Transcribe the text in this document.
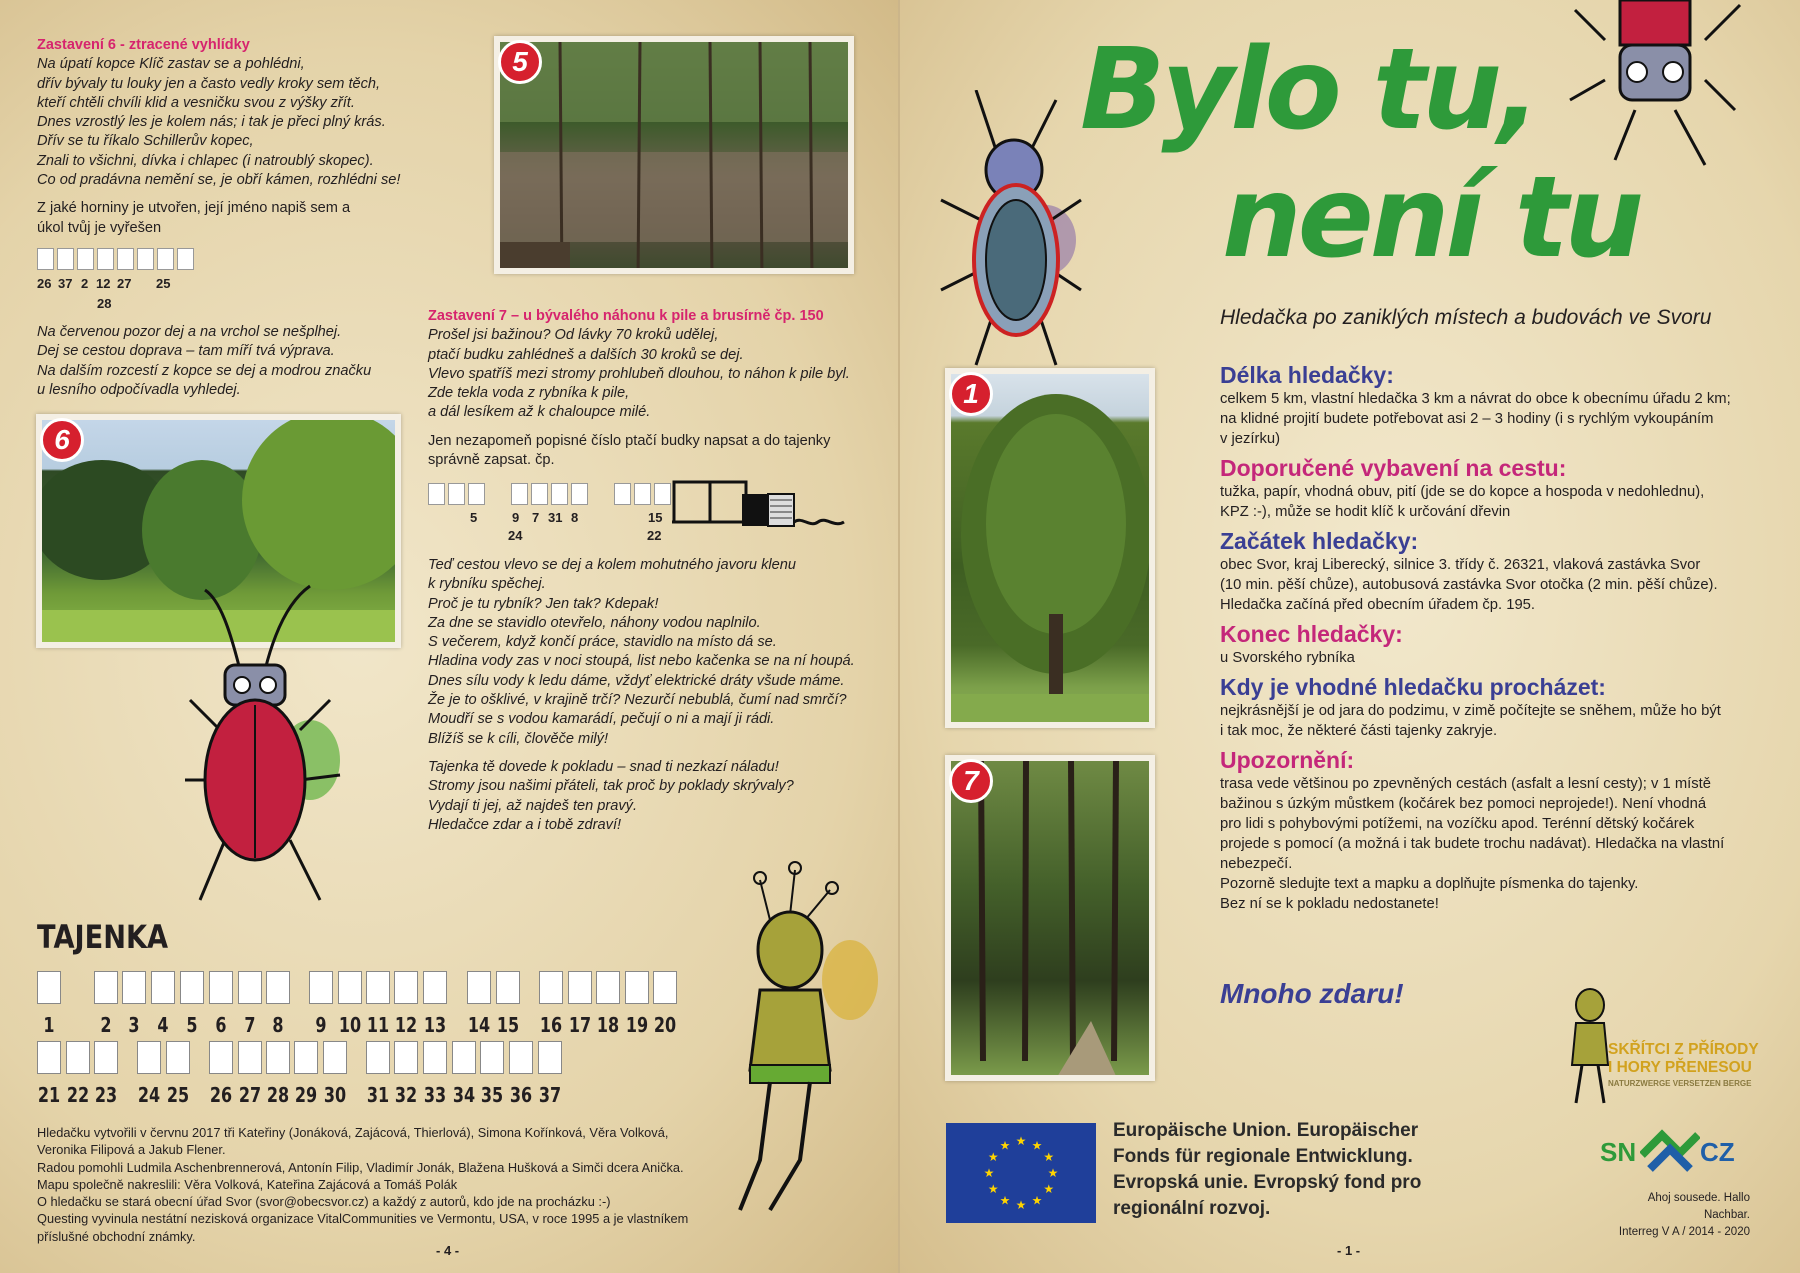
Zastavení 6 - ztracené vyhlídky
Na úpatí kopce Klíč zastav se a pohlédni,
dřív bývaly tu louky jen a často vedly kroky sem těch,
kteří chtěli chvíli klid a vesničku svou z výšky zřít.
Dnes vzrostlý les je kolem nás; i tak je přeci plný krás.
Dřív se tu říkalo Schillerův kopec,
Znali to všichni, dívka i chlapec (i natroublý skopec).
Co od pradávna nemění se, je obří kámen, rozhlédni se!
Z jaké horniny je utvořen, její jméno napiš sem a
úkol tvůj je vyřešen
26 37 2 12 27 25
28
Na červenou pozor dej a na vrchol se nešplhej.
Dej se cestou doprava – tam míří tvá výprava.
Na dalším rozcestí z kopce se dej a modrou značku
u lesního odpočívadla vyhledej.
5
Zastavení 7 – u bývalého náhonu k pile a brusírně čp. 150
Prošel jsi bažinou? Od lávky 70 kroků udělej,
ptačí budku zahlédneš a dalších 30 kroků se dej.
Vlevo spatříš mezi stromy prohlubeň dlouhou, to náhon k pile byl.
Zde tekla voda z rybníka k pile,
a dál lesíkem až k chaloupce milé.
Jen nezapomeň popisné číslo ptačí budky napsat a do tajenky
správně zapsat. čp.

5	9 7 31 8
24
15
22
Teď cestou vlevo se dej a kolem mohutného javoru klenu
k rybníku spěchej.
Proč je tu rybník? Jen tak? Kdepak!
Za dne se stavidlo otevřelo, náhony vodou naplnilo.
S večerem, když končí práce, stavidlo na místo dá se.
Hladina vody zas v noci stoupá, list nebo kačenka se na ní houpá.
Dnes sílu vody k ledu dáme, vždyť elektrické dráty všude máme.
Že je to ošklivé, v krajině trčí? Nezurčí nebublá, čumí nad smrčí?
Moudří se s vodou kamarádí, pečují o ni a mají ji rádi.
Blížíš se k cíli, člověče milý!
Tajenka tě dovede k pokladu – snad ti nezkazí náladu!
Stromy jsou našimi přáteli, tak proč by poklady skrývaly?
Vydají ti jej, až najdeš ten pravý.
Hledačce zdar a i tobě zdraví!
6
TAJENKA
1	2 3 4 5 6 7 8	9 10 11 12 13 14 15 16 17 18 19 20
21 22 23 24 25 26 27 28 29 30 31 32 33 34 35 36 37
Hledačku vytvořili v červnu 2017 tři Kateřiny (Jonáková, Zajácová, Thierlová), Simona Kořínková, Věra Volková,
Veronika Filipová a Jakub Flener.
Radou pomohli Ludmila Aschenbrennerová, Antonín Filip, Vladimír Jonák, Blažena Hušková a Simči dcera Anička.
Mapu společně nakreslili: Věra Volková, Kateřina Zajácová a Tomáš Polák
O hledačku se stará obecní úřad Svor (svor@obecsvor.cz) a každý z autorů, kdo jde na procházku :-)
Questing vyvinula nestátní nezisková organizace VitalCommunities ve Vermontu, USA, v roce 1995 a je vlastníkem
příslušné obchodní známky.
- 4 -
Bylo tu,
není tu
Hledačka po zaniklých místech a budovách ve Svoru
1
7
Délka hledačky:
celkem 5 km, vlastní hledačka 3 km a návrat do obce k obecnímu úřadu 2 km;
na klidné projití budete potřebovat asi 2 – 3 hodiny (i s rychlým vykoupáním
v jezírku)
Doporučené vybavení na cestu:
tužka, papír, vhodná obuv, pití (jde se do kopce a hospoda v nedohlednu),
KPZ :-), může se hodit klíč k určování dřevin
Začátek hledačky:
obec Svor, kraj Liberecký, silnice 3. třídy č. 26321, vlaková zastávka Svor
(10 min. pěší chůze), autobusová zastávka Svor otočka (2 min. pěší chůze).
Hledačka začíná před obecním úřadem čp. 195.
Konec hledačky:
u Svorského rybníka
Kdy je vhodné hledačku procházet:
nejkrásnější je od jara do podzimu, v zimě počítejte se sněhem, může ho být
i tak moc, že některé části tajenky zakryje.
Upozornění:
trasa vede většinou po zpevněných cestách (asfalt a lesní cesty); v 1 místě
bažinou s úzkým můstkem (kočárek bez pomoci neprojede!). Není vhodná
pro lidi s pohybovými potížemi, na vozíčku apod. Terénní dětský kočárek
projede s pomocí (a možná i tak budete trochu nadávat). Hledačka na vlastní
nebezpečí.
Pozorně sledujte text a mapku a doplňujte písmenka do tajenky.
Bez ní se k pokladu nedostanete!
Mnoho zdaru!
SKŘÍTCI Z PŘÍRODY
I HORY PŘENESOU
NATURZWERGE VERSETZEN BERGE
★
★
★
★
★
★
★
★
★ ★ ★
★
Europäische Union. Europäischer
Fonds für regionale Entwicklung.
Evropská unie. Evropský fond pro
regionální rozvoj.
SN CZ
Ahoj sousede. Hallo Nachbar.
Interreg V A / 2014 - 2020
- 1 -
